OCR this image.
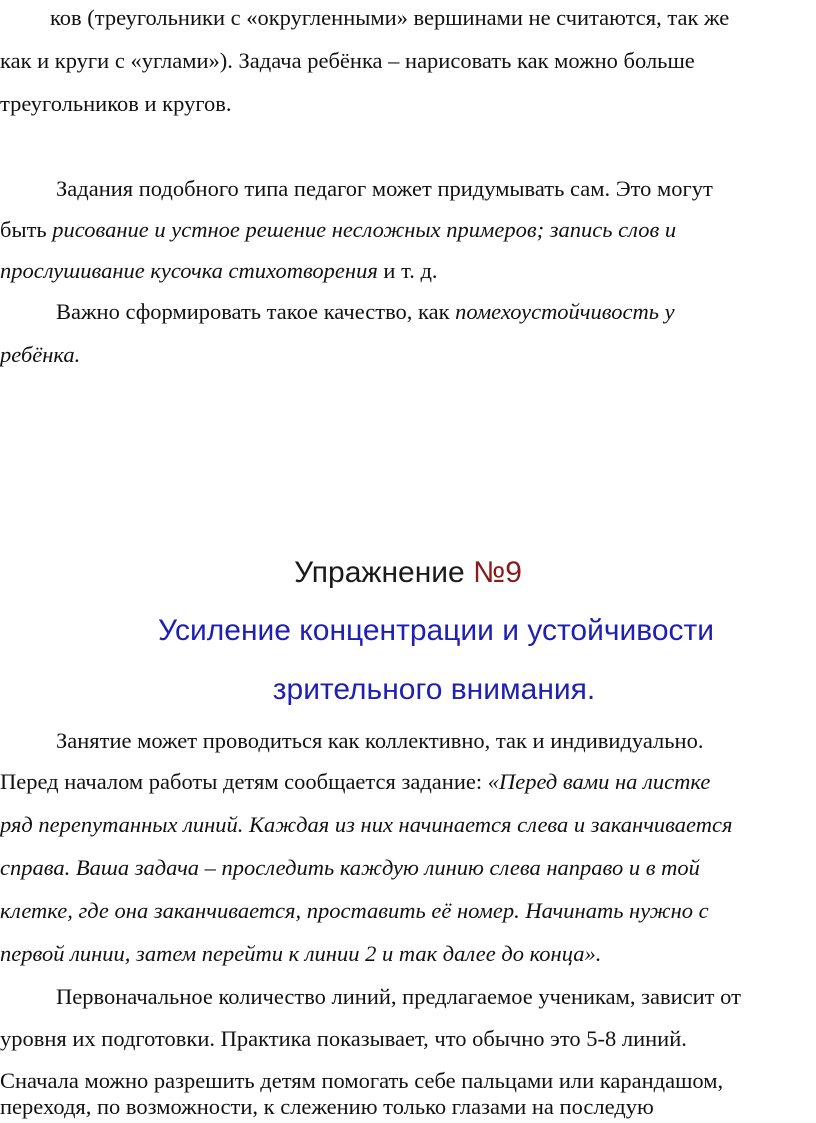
ков (треугольники с «округленными» вершинами не считаются, так же
как и круги с «углами»). Задача ребёнка – нарисовать как можно больше
треугольников и кругов.
Задания подобного типа педагог может придумывать сам. Это могут
быть рисование и устное решение несложных примеров; запись слов и
прослушивание кусочка стихотворения и т. д.
Важно сформировать такое качество, как помехоустойчивость у
ребёнка.
Упражнение №9
Усиление концентрации и устойчивости
зрительного внимания.
Занятие может проводиться как коллективно, так и индивидуально.
Перед началом работы детям сообщается задание: «Перед вами на листке
ряд перепутанных линий. Каждая из них начинается слева и заканчивается
справа. Ваша задача – проследить каждую линию слева направо и в той
клетке, где она заканчивается, проставить её номер. Начинать нужно с
первой линии, затем перейти к линии 2 и так далее до конца».
Первоначальное количество линий, предлагаемое ученикам, зависит от
уровня их подготовки. Практика показывает, что обычно это 5-8 линий.
Сначала можно разрешить детям помогать себе пальцами или карандашом,
переходя, по возможности, к слежению только глазами на последую
